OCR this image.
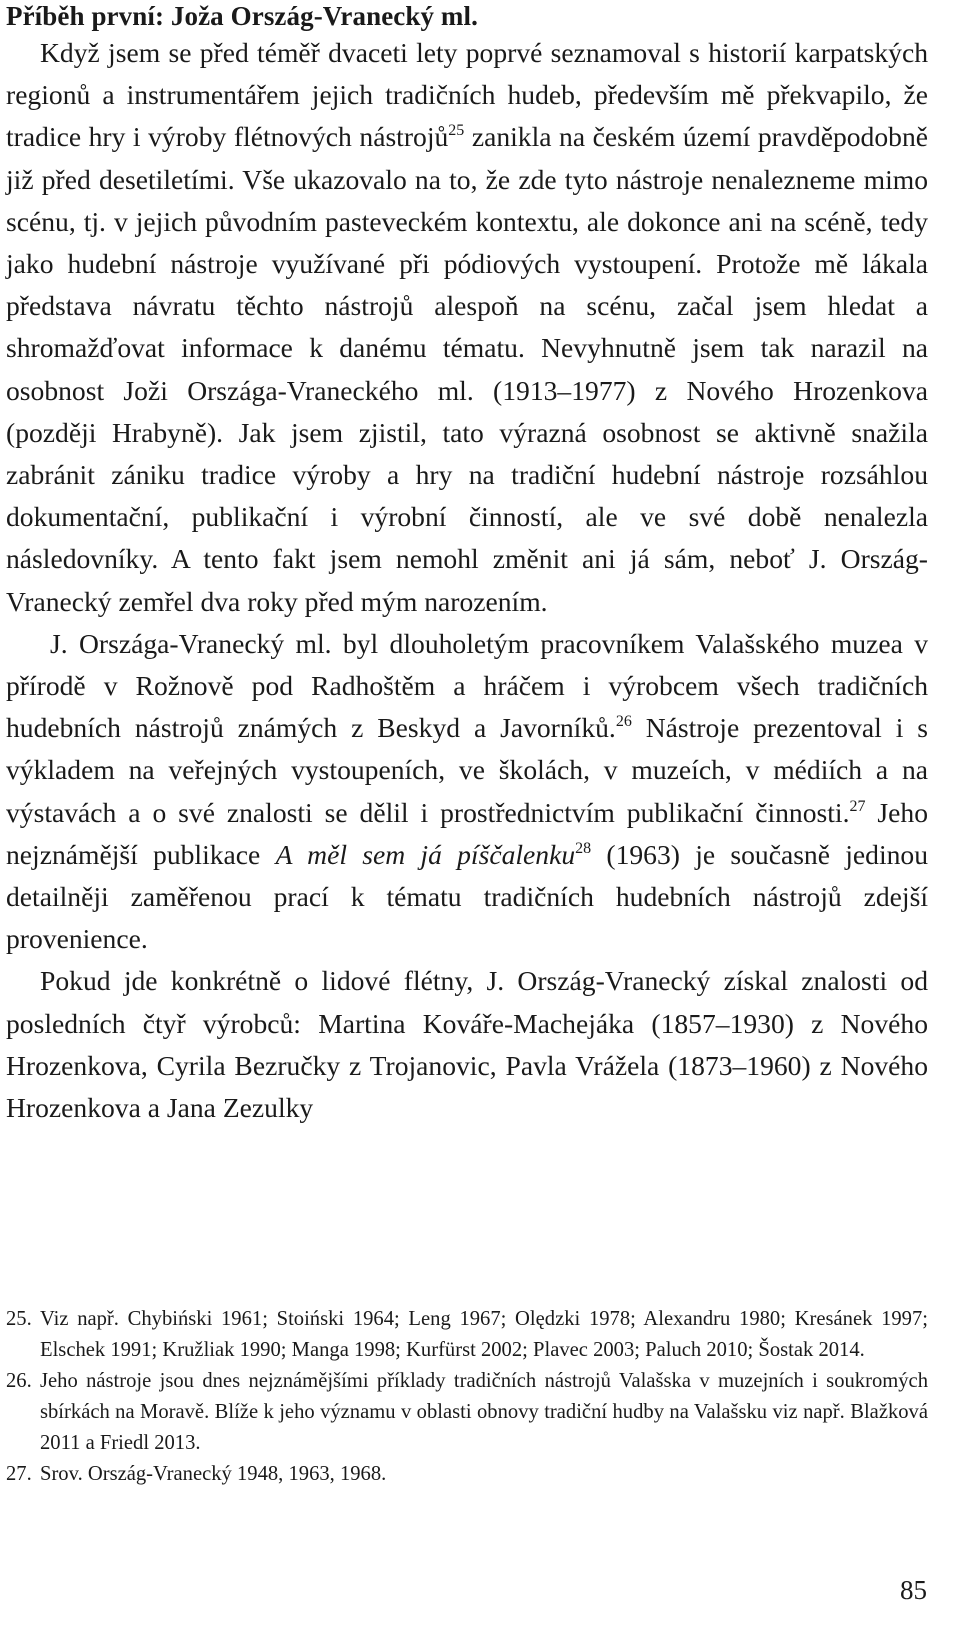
Příběh první: Joža Ország​-Vranecký ml.

Když jsem se před téměř dvaceti lety poprvé seznamoval s historií karpatských regionů a instrumentářem jejich tradičních hudeb, především mě překvapilo, že tradice hry i výroby flétnových nástrojů$^{25}$ zanikla na českém území pravděpodobně již před desetiletími. Vše ukazovalo na to, že zde tyto nástroje nenalezneme mimo scénu, tj. v jejich původním pasteveckém kontextu, ale dokonce ani na scéně, tedy jako hudební nástroje využívané při pódiových vystoupení. Protože mě lákala představa návratu těchto nástrojů alespoň na scénu, začal jsem hledat a shromažďovat informace k danému tématu. Nevyhnutně jsem tak narazil na osobnost Joži Országa-Vraneckého ml. (1913–1977) z Nového Hrozenkova (později Hrabyně). Jak jsem zjistil, tato výrazná osobnost se aktivně snažila zabránit zániku tradice výroby a hry na tradiční hudební nástroje rozsáhlou dokumentační, publikační i výrobní činností, ale ve své době nenalezla následovníky. A tento fakt jsem nemohl změnit ani já sám, neboť J. Ország-Vranecký zemřel dva roky před mým narozením.

J. Országa-Vranecký ml. byl dlouholetým pracovníkem Valašského muzea v přírodě v Rožnově pod Radhoštěm a hráčem i výrobcem všech tradičních hudebních nástrojů známých z Beskyd a Javorníků.$^{26}$ Nástroje prezentoval i s výkladem na veřejných vystoupeních, ve školách, v muzeích, v médiích a na výstavách a o své znalosti se dělil i prostřednictvím publikační činnosti.$^{27}$ Jeho nejznámější publikace A měl sem já píščalenku$^{28}$ (1963) je současně jedinou detailněji zaměřenou prací k tématu tradičních hudebních nástrojů zdejší provenience.

Pokud jde konkrétně o lidové flétny, J. Ország-Vranecký získal znalosti od posledních čtyř výrobců: Martina Kováře-Machejáka (1857–1930) z Nového Hrozenkova, Cyrila Bezručky z Trojanovic, Pavla Vrážela (1873–1960) z Nového Hrozenkova a Jana Zezulky

25. Viz např. Chybiński 1961; Stoiński 1964; Leng 1967; Olędzki 1978; Alexandru 1980; Kresánek 1997; Elschek 1991; Kružliak 1990; Manga 1998; Kurfürst 2002; Plavec 2003; Paluch 2010; Šostak 2014.
26. Jeho nástroje jsou dnes nejznámějšími příklady tradičních nástrojů Valašska v muzejních i soukromých sbírkách na Moravě. Blíže k jeho významu v oblasti obnovy tradiční hudby na Valašsku viz např. Blažková 2011 a Friedl 2013.
27. Srov. Ország-Vranecký 1948, 1963, 1968.
85
